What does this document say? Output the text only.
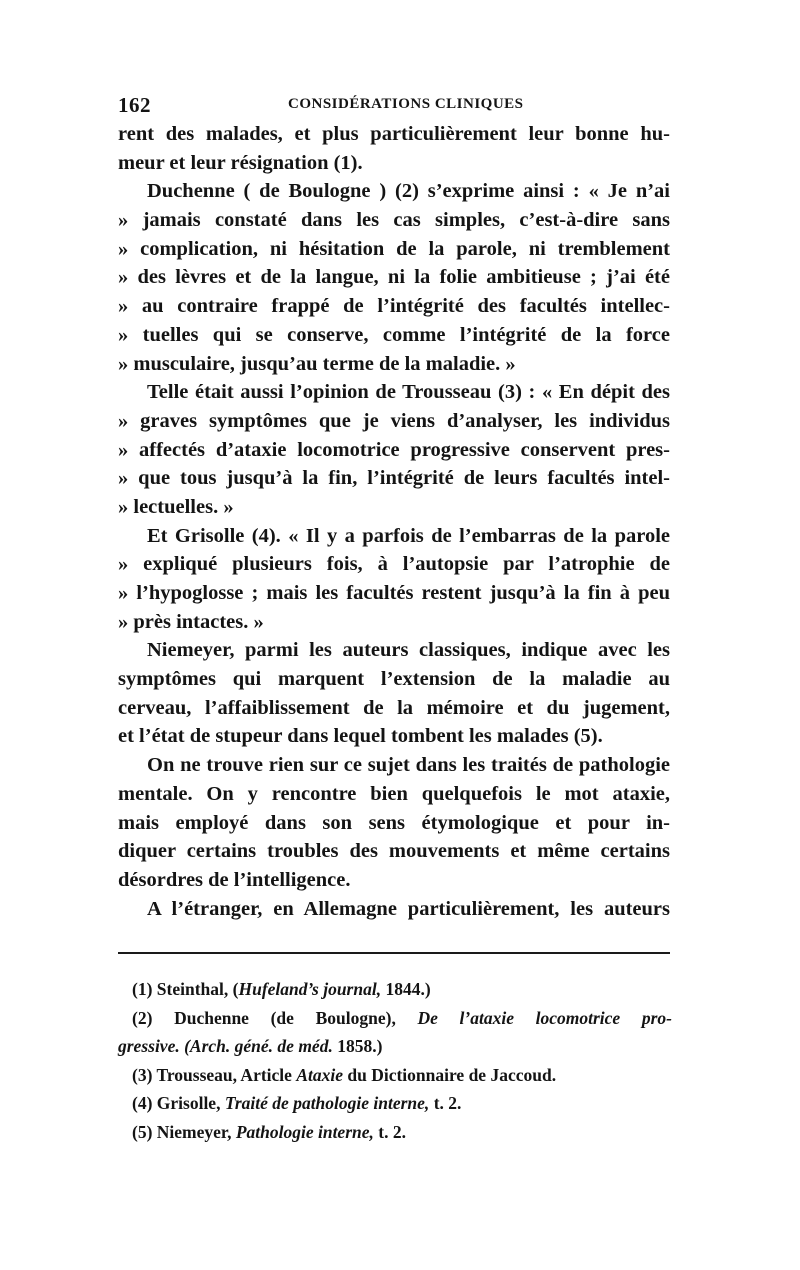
162	CONSIDÉRATIONS CLINIQUES
rent des malades, et plus particulièrement leur bonne hu-
meur et leur résignation (1).
Duchenne ( de Boulogne ) (2) s’exprime ainsi : « Je n’ai
» jamais constaté dans les cas simples, c’est-à-dire sans
» complication, ni hésitation de la parole, ni tremblement
» des lèvres et de la langue, ni la folie ambitieuse ; j’ai été
» au contraire frappé de l’intégrité des facultés intellec-
» tuelles qui se conserve, comme l’intégrité de la force
» musculaire, jusqu’au terme de la maladie. »
Telle était aussi l’opinion de Trousseau (3) : « En dépit des
» graves symptômes que je viens d’analyser, les individus
» affectés d’ataxie locomotrice progressive conservent pres-
» que tous jusqu’à la fin, l’intégrité de leurs facultés intel-
» lectuelles. »
Et Grisolle (4). « Il y a parfois de l’embarras de la parole
» expliqué plusieurs fois, à l’autopsie par l’atrophie de
» l’hypoglosse ; mais les facultés restent jusqu’à la fin à peu
» près intactes. »
Niemeyer, parmi les auteurs classiques, indique avec les
symptômes qui marquent l’extension de la maladie au
cerveau, l’affaiblissement de la mémoire et du jugement,
et l’état de stupeur dans lequel tombent les malades (5).
On ne trouve rien sur ce sujet dans les traités de pathologie
mentale. On y rencontre bien quelquefois le mot ataxie,
mais employé dans son sens étymologique et pour in-
diquer certains troubles des mouvements et même certains
désordres de l’intelligence.
A l’étranger, en Allemagne particulièrement, les auteurs
(1) Steinthal, (Hufeland’s journal, 1844.)
(2) Duchenne (de Boulogne), De l’ataxie locomotrice pro-
gressive. (Arch. géné. de méd. 1858.)
(3) Trousseau, Article Ataxie du Dictionnaire de Jaccoud.
(4) Grisolle, Traité de pathologie interne, t. 2.
(5) Niemeyer, Pathologie interne, t. 2.
